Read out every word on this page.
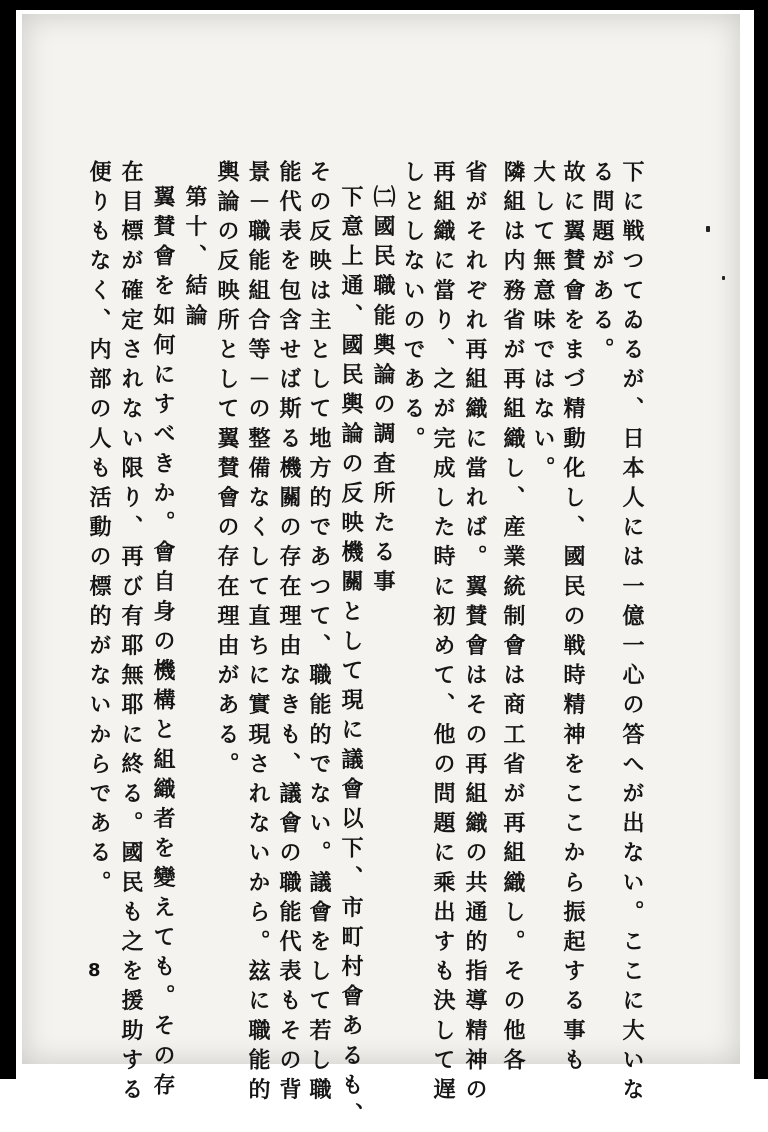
下に戦つてゐるが、日本人には一億一心の答へが出ない。ここに大いな
る問題がある。
故に翼賛會をまづ精動化し、國民の戦時精神をここから振起する事も
大して無意味ではない。
隣組は内務省が再組織し、産業統制會は商工省が再組織し。その他各
省がそれぞれ再組織に當れば。翼賛會はその再組織の共通的指導精神の
再組織に當り、之が完成した時に初めて、他の問題に乘出すも決して遅
しとしないのである。
㈡國民職能輿論の調査所たる事
下意上通、國民輿論の反映機關として現に議會以下、市町村會あるも、
その反映は主として地方的であつて、職能的でない。議會をして若し職
能代表を包含せば斯る機關の存在理由なきも、議會の職能代表もその背
景－職能組合等－の整備なくして直ちに實現されないから。玆に職能的
輿論の反映所として翼賛會の存在理由がある。
第十、結論
翼賛會を如何にすべきか。會自身の機構と組織者を變えても。その存
在目標が確定されない限り、再び有耶無耶に終る。國民も之を援助する
便りもなく、内部の人も活動の標的がないからである。
8
